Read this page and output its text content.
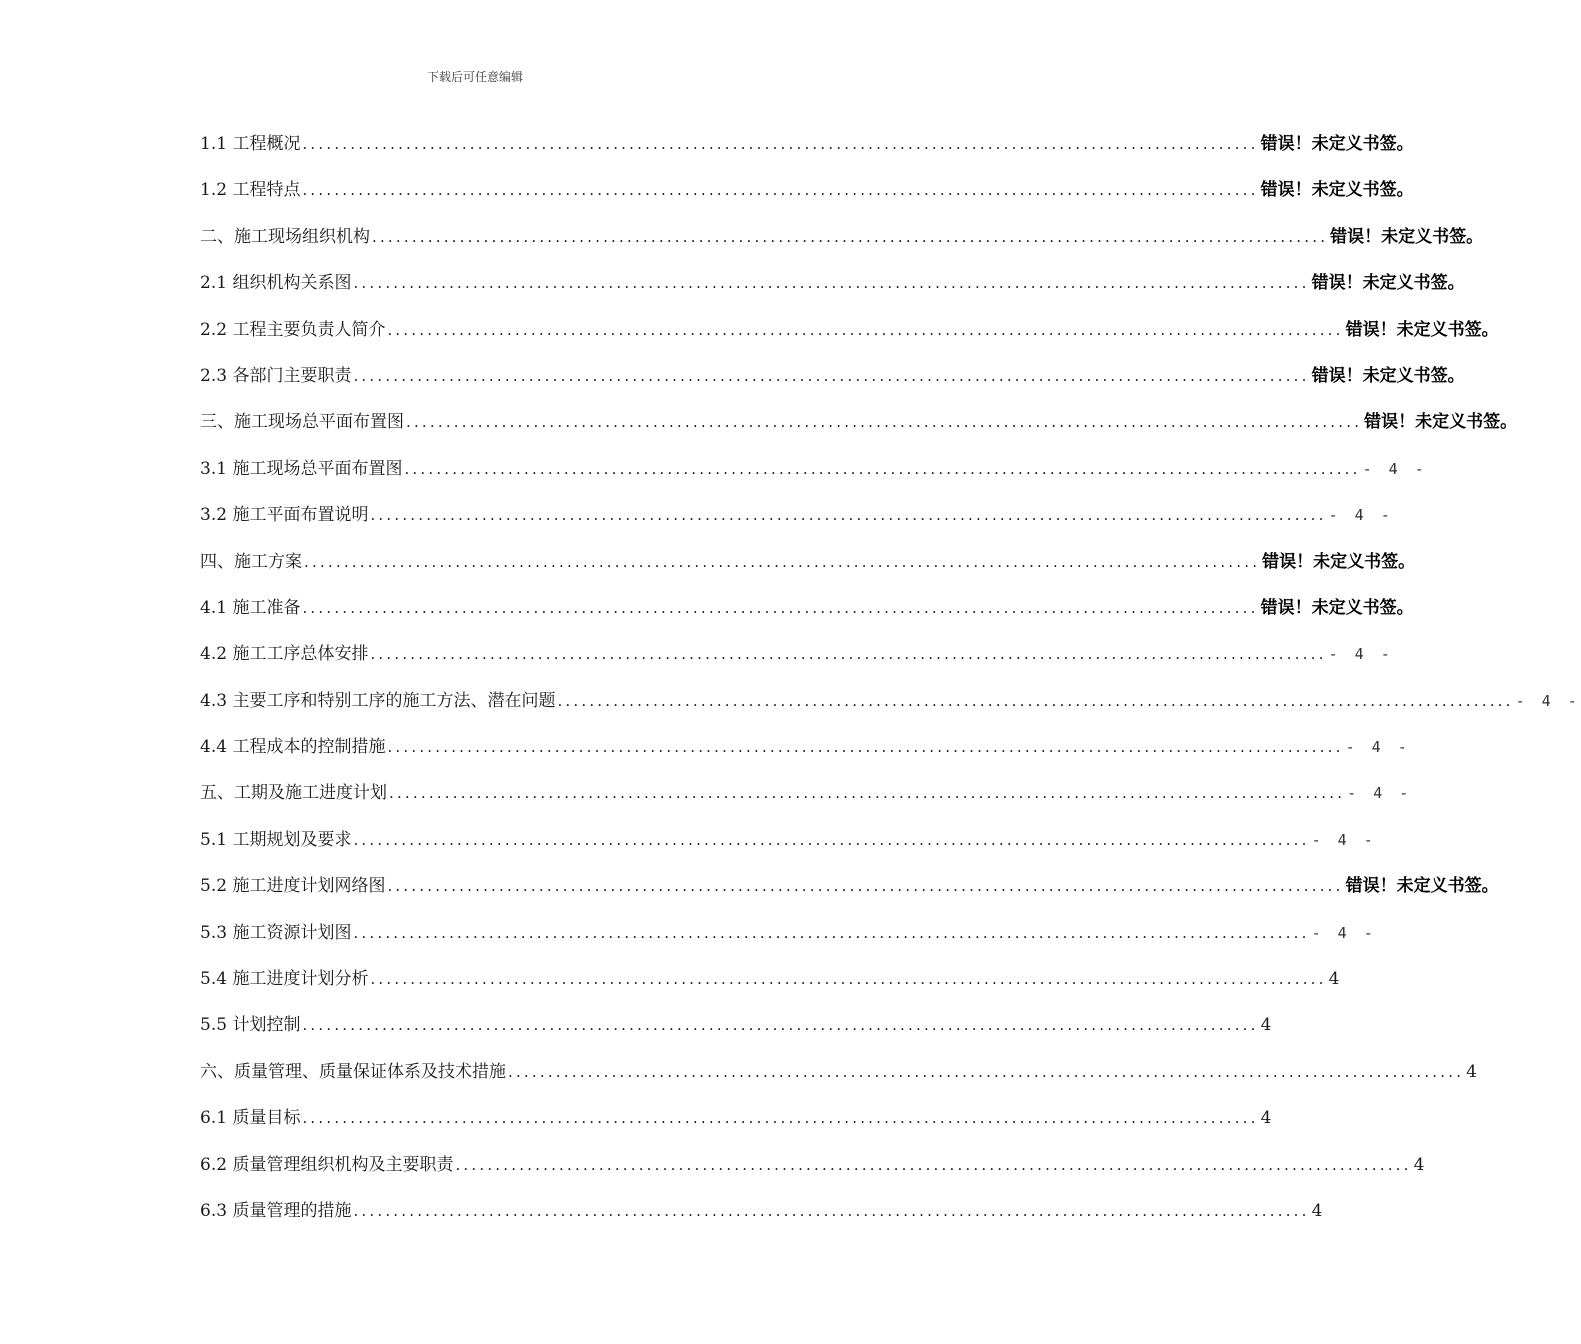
下载后可任意编辑
1.1 工程概况 ........................................................................................................................ 错误！未定义书签。
1.2 工程特点 ........................................................................................................................ 错误！未定义书签。
二、施工现场组织机构 ........................................................................................................................ 错误！未定义书签。
2.1 组织机构关系图 ........................................................................................................................ 错误！未定义书签。
2.2 工程主要负责人简介 ........................................................................................................................ 错误！未定义书签。
2.3 各部门主要职责 ........................................................................................................................ 错误！未定义书签。
三、施工现场总平面布置图 ........................................................................................................................ 错误！未定义书签。
3.1 施工现场总平面布置图 ........................................................................................................................ - 4 -
3.2 施工平面布置说明 ........................................................................................................................ - 4 -
四、施工方案 ........................................................................................................................ 错误！未定义书签。
4.1 施工准备 ........................................................................................................................ 错误！未定义书签。
4.2 施工工序总体安排 ........................................................................................................................ - 4 -
4.3 主要工序和特别工序的施工方法、潜在问题 ........................................................................................................................ - 4 -
4.4 工程成本的控制措施 ........................................................................................................................ - 4 -
五、工期及施工进度计划 ........................................................................................................................ - 4 -
5.1 工期规划及要求 ........................................................................................................................ - 4 -
5.2 施工进度计划网络图 ........................................................................................................................ 错误！未定义书签。
5.3 施工资源计划图 ........................................................................................................................ - 4 -
5.4 施工进度计划分析 ........................................................................................................................ 4
5.5 计划控制 ........................................................................................................................ 4
六、质量管理、质量保证体系及技术措施 ........................................................................................................................ 4
6.1 质量目标 ........................................................................................................................ 4
6.2 质量管理组织机构及主要职责 ........................................................................................................................ 4
6.3 质量管理的措施 ........................................................................................................................ 4
